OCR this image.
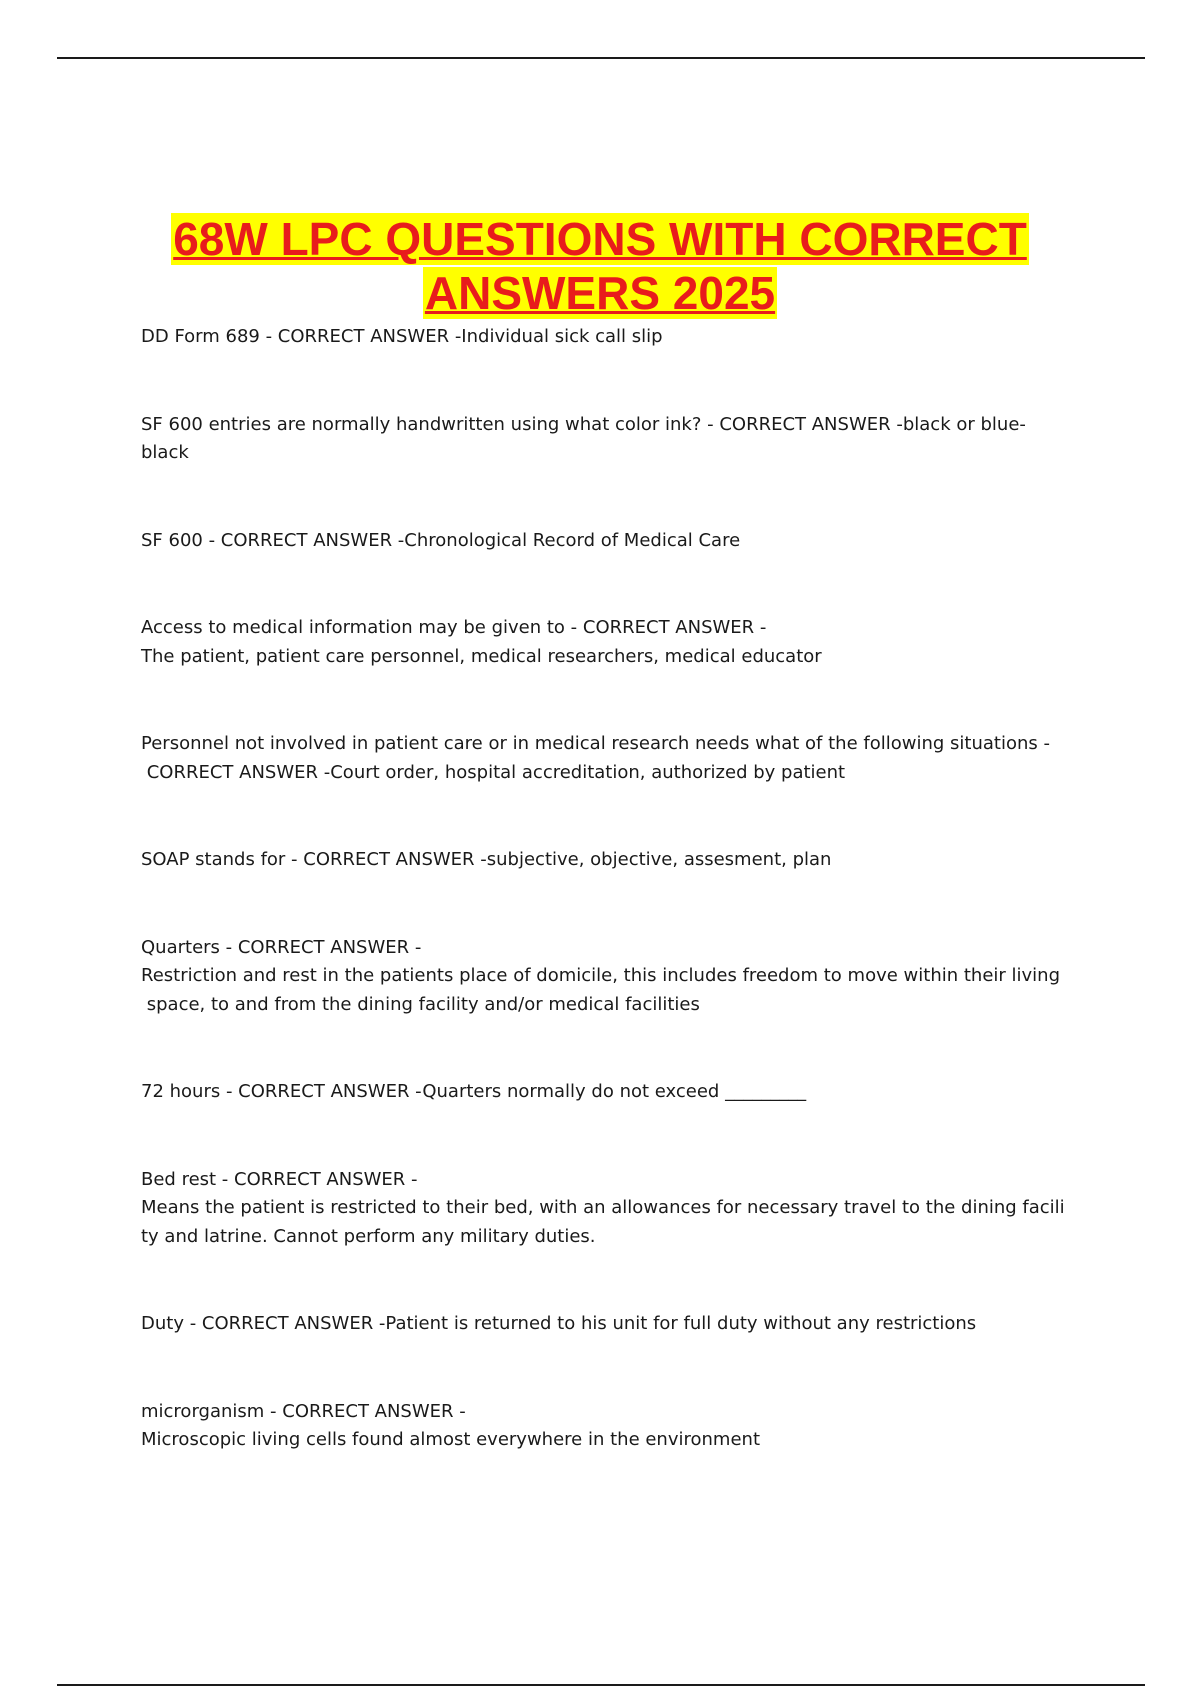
68W LPC QUESTIONS WITH CORRECT
ANSWERS 2025

DD Form 689 - CORRECT ANSWER -Individual sick call slip

SF 600 entries are normally handwritten using what color ink? - CORRECT ANSWER -black or blue-

black

SF 600 - CORRECT ANSWER -Chronological Record of Medical Care

Access to medical information may be given to - CORRECT ANSWER -

The patient, patient care personnel, medical researchers, medical educator

Personnel not involved in patient care or in medical research needs what of the following situations -

CORRECT ANSWER -Court order, hospital accreditation, authorized by patient

SOAP stands for - CORRECT ANSWER -subjective, objective, assesment, plan

Quarters - CORRECT ANSWER -

Restriction and rest in the patients place of domicile, this includes freedom to move within their living

space, to and from the dining facility and/or medical facilities

72 hours - CORRECT ANSWER -Quarters normally do not exceed _________

Bed rest - CORRECT ANSWER -

Means the patient is restricted to their bed, with an allowances for necessary travel to the dining facili

ty and latrine. Cannot perform any military duties.

Duty - CORRECT ANSWER -Patient is returned to his unit for full duty without any restrictions

microrganism - CORRECT ANSWER -

Microscopic living cells found almost everywhere in the environment
